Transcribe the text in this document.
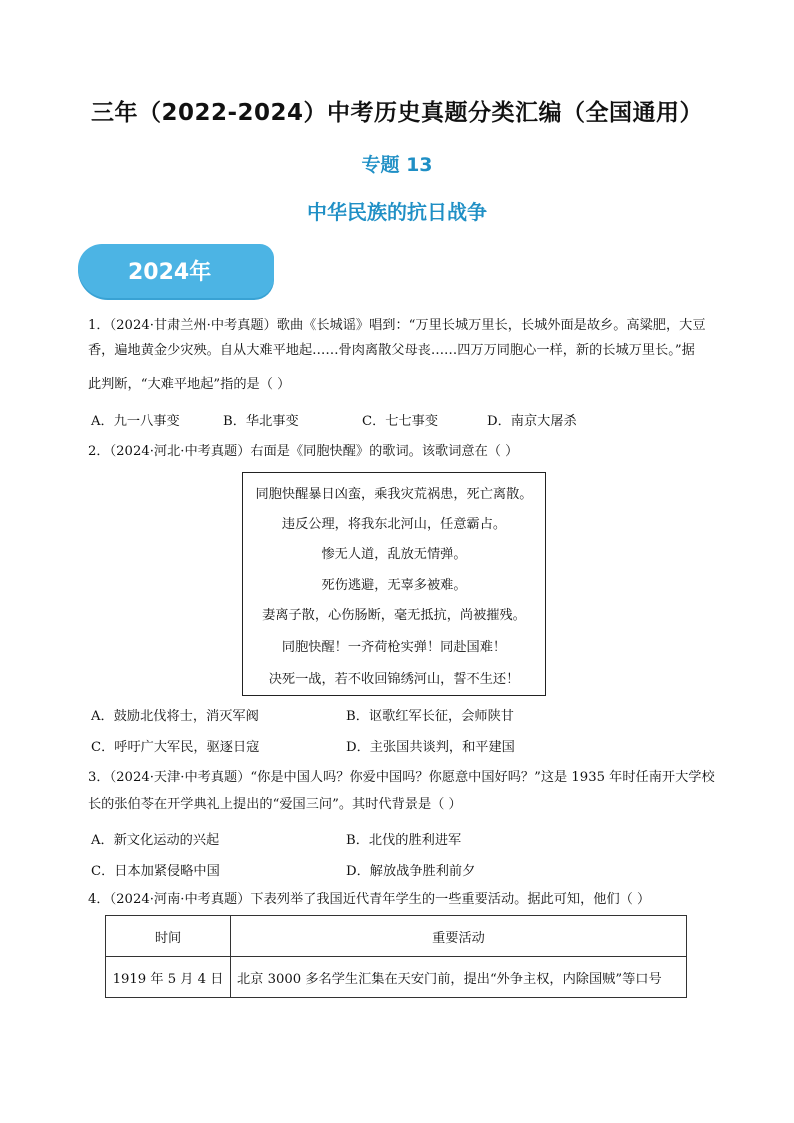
三年（2022-2024）中考历史真题分类汇编（全国通用）
专题 13
中华民族的抗日战争
2024年
1．（2024·甘肃兰州·中考真题）歌曲《长城谣》唱到：“万里长城万里长，长城外面是故乡。高粱肥，大豆
香，遍地黄金少灾殃。自从大难平地起……骨肉离散父母丧……四万万同胞心一样，新的长城万里长。”据
此判断，“大难平地起”指的是（ ）
A．九一八事变	B．华北事变	C．七七事变	D．南京大屠杀
2．（2024·河北·中考真题）右面是《同胞快醒》的歌词。该歌词意在（ ）
同胞快醒暴日凶蛮，乘我灾荒祸患，死亡离散。
违反公理，将我东北河山，任意霸占。
惨无人道，乱放无情弹。
死伤逃避，无辜多被难。
妻离子散，心伤肠断，毫无抵抗，尚被摧残。
同胞快醒！一齐荷枪实弹！同赴国难！
决死一战，若不收回锦绣河山，誓不生还！
A．鼓励北伐将士，消灭军阀	B．讴歌红军长征，会师陕甘
C．呼吁广大军民，驱逐日寇	D．主张国共谈判，和平建国
3．（2024·天津·中考真题）“你是中国人吗？你爱中国吗？你愿意中国好吗？”这是 1935 年时任南开大学校
长的张伯苓在开学典礼上提出的“爱国三问”。其时代背景是（ ）
A．新文化运动的兴起	B．北伐的胜利进军
C．日本加紧侵略中国	D．解放战争胜利前夕
4．（2024·河南·中考真题）下表列举了我国近代青年学生的一些重要活动。据此可知，他们（ ）
时间	重要活动
1919 年 5 月 4 日	北京 3000 多名学生汇集在天安门前，提出“外争主权，内除国贼”等口号
